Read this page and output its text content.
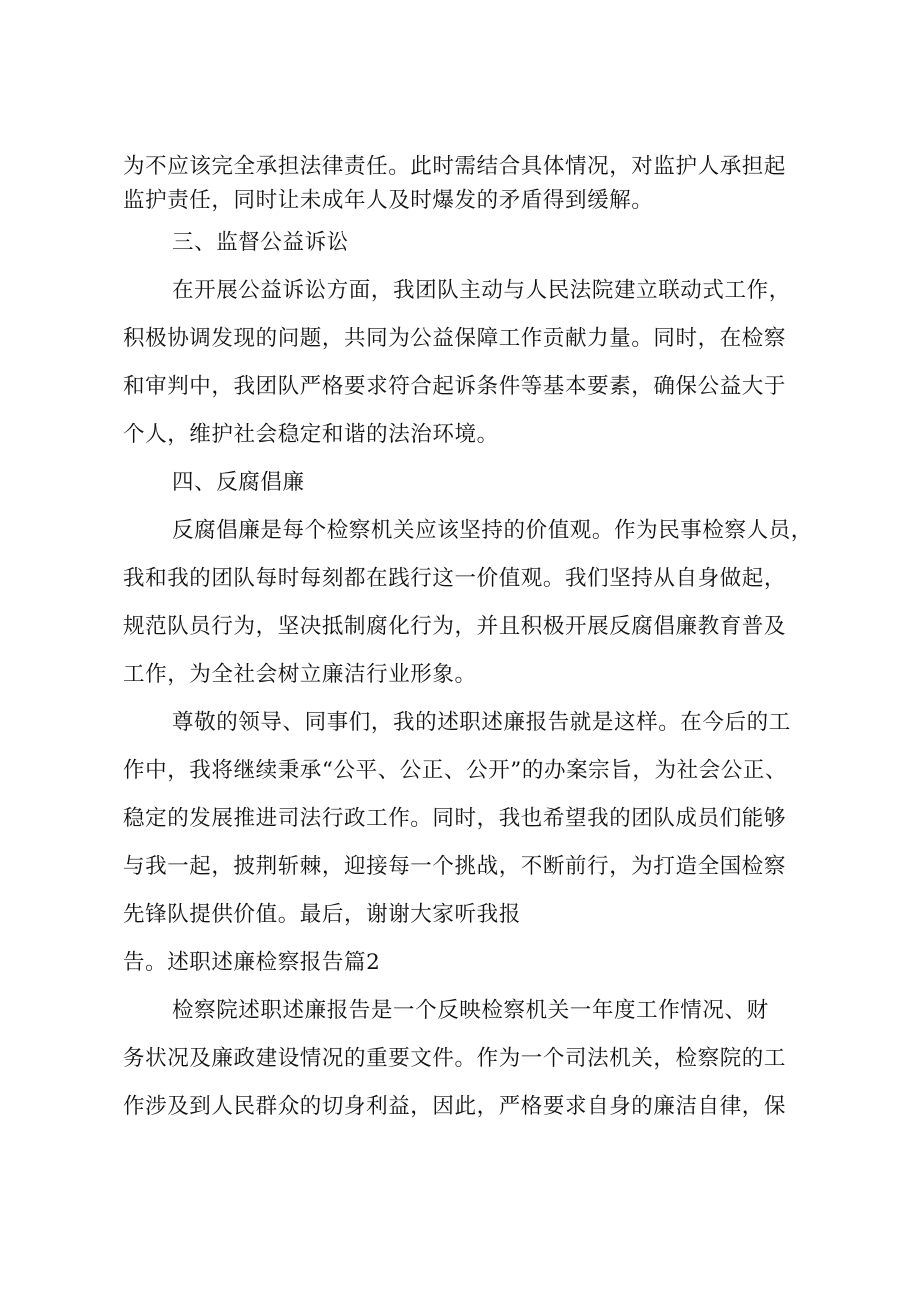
为不应该完全承担法律责任。此时需结合具体情况，对监护人承担起
监护责任，同时让未成年人及时爆发的矛盾得到缓解。
三、监督公益诉讼
在开展公益诉讼方面，我团队主动与人民法院建立联动式工作，
积极协调发现的问题，共同为公益保障工作贡献力量。同时，在检察
和审判中，我团队严格要求符合起诉条件等基本要素，确保公益大于
个人，维护社会稳定和谐的法治环境。
四、反腐倡廉
反腐倡廉是每个检察机关应该坚持的价值观。作为民事检察人员，
我和我的团队每时每刻都在践行这一价值观。我们坚持从自身做起，
规范队员行为，坚决抵制腐化行为，并且积极开展反腐倡廉教育普及
工作，为全社会树立廉洁行业形象。
尊敬的领导、同事们，我的述职述廉报告就是这样。在今后的工
作中，我将继续秉承“公平、公正、公开”的办案宗旨，为社会公正、
稳定的发展推进司法行政工作。同时，我也希望我的团队成员们能够
与我一起，披荆斩棘，迎接每一个挑战，不断前行，为打造全国检察
先锋队提供价值。最后，谢谢大家听我报
告。述职述廉检察报告篇2
检察院述职述廉报告是一个反映检察机关一年度工作情况、财
务状况及廉政建设情况的重要文件。作为一个司法机关，检察院的工
作涉及到人民群众的切身利益，因此，严格要求自身的廉洁自律，保
